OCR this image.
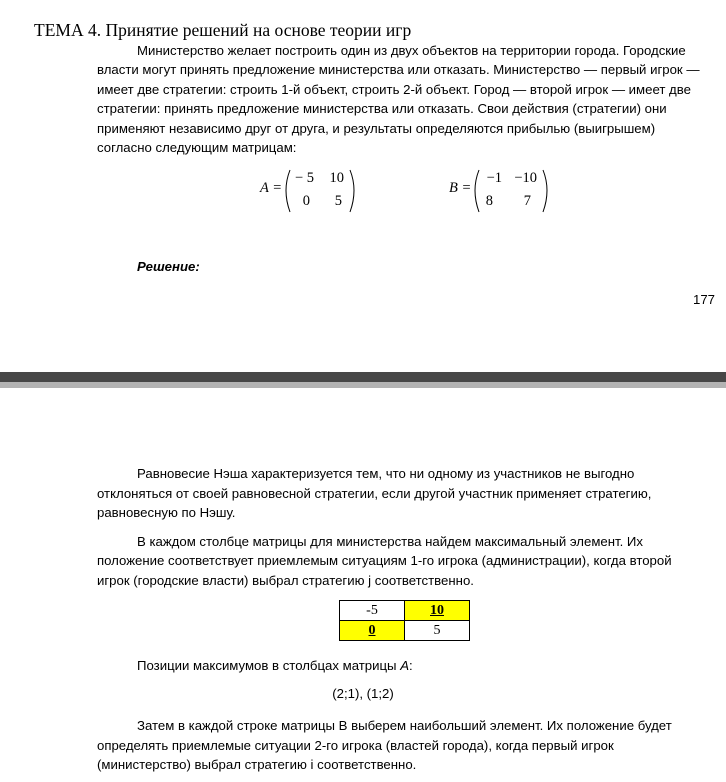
ТЕМА 4. Принятие решений на основе теории игр
Министерство желает построить один из двух объектов на территории города. Городские
власти могут принять предложение министерства или отказать. Министерство — первый игрок —
имеет две стратегии: строить 1-й объект, строить 2-й объект. Город — второй игрок — имеет две
стратегии: принять предложение министерства или отказать. Свои действия (стратегии) они
применяют независимо друг от друга, и результаты определяются прибылью (выигрышем)
согласно следующим матрицам:
A =
− 5	10
0	5
B =
−1 −10
8	7
Решение:
177
Равновесие Нэша характеризуется тем, что ни одному из участников не выгодно
отклоняться от своей равновесной стратегии, если другой участник применяет стратегию,
равновесную по Нэшу.
В каждом столбце матрицы для министерства найдем максимальный элемент. Их
положение соответствует приемлемым ситуациям 1-го игрока (администрации), когда второй
игрок (городские власти) выбрал стратегию j соответственно.
-5	10
0	5
Позиции максимумов в столбцах матрицы A:
(2;1), (1;2)
Затем в каждой строке матрицы B выберем наибольший элемент. Их положение будет
определять приемлемые ситуации 2-го игрока (властей города), когда первый игрок
(министерство) выбрал стратегию i соответственно.
